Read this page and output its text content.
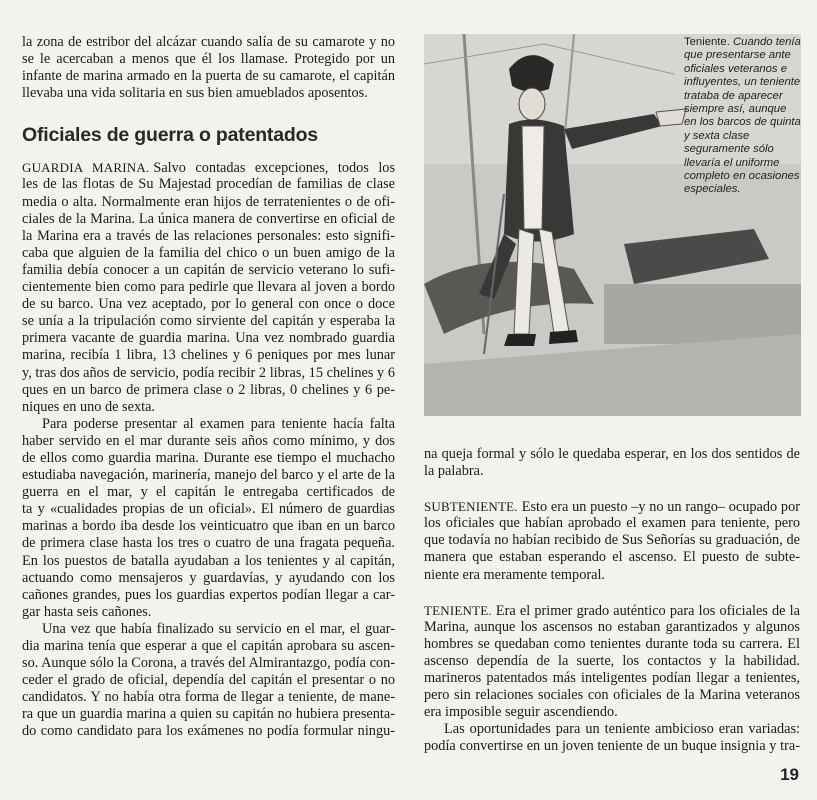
la zona de estribor del alcázar cuando salía de su camarote y no
se le acercaban a menos que él los llamase. Protegido por un
infante de marina armado en la puerta de su camarote, el capitán
llevaba una vida solitaria en sus bien amueblados aposentos.
Oficiales de guerra o patentados
GUARDIA MARINA. Salvo contadas excepciones, todos los
les de las flotas de Su Majestad procedían de familias de clase
media o alta. Normalmente eran hijos de terratenientes o de ofi-
ciales de la Marina. La única manera de convertirse en oficial de
la Marina era a través de las relaciones personales: esto signifi-
caba que alguien de la familia del chico o un buen amigo de la
familia debía conocer a un capitán de servicio veterano lo sufi-
cientemente bien como para pedirle que llevara al joven a bordo
de su barco. Una vez aceptado, por lo general con once o doce
se unía a la tripulación como sirviente del capitán y esperaba la
primera vacante de guardia marina. Una vez nombrado guardia
marina, recibía 1 libra, 13 chelines y 6 peniques por mes lunar
y, tras dos años de servicio, podía recibir 2 libras, 15 chelines y 6
ques en un barco de primera clase o 2 libras, 0 chelines y 6 pe-
niques en uno de sexta.
Para poderse presentar al examen para teniente hacía falta
haber servido en el mar durante seis años como mínimo, y dos
de ellos como guardia marina. Durante ese tiempo el muchacho
estudiaba navegación, marinería, manejo del barco y el arte de la
guerra en el mar, y el capitán le entregaba certificados de
ta y «cualidades propias de un oficial». El número de guardias
marinas a bordo iba desde los veinticuatro que iban en un barco
de primera clase hasta los tres o cuatro de una fragata pequeña.
En los puestos de batalla ayudaban a los tenientes y al capitán,
actuando como mensajeros y guardavías, y ayudando con los
cañones grandes, pues los guardias expertos podían llegar a car-
gar hasta seis cañones.
Una vez que había finalizado su servicio en el mar, el guar-
dia marina tenía que esperar a que el capitán aprobara su ascen-
so. Aunque sólo la Corona, a través del Almirantazgo, podía con-
ceder el grado de oficial, dependía del capitán el presentar o no
candidatos. Y no había otra forma de llegar a teniente, de mane-
ra que un guardia marina a quien su capitán no hubiera presenta-
do como candidato para los exámenes no podía formular ningu-
Teniente. Cuando tenía que presentarse ante oficiales veteranos e influyentes, un teniente trataba de aparecer siempre así, aunque en los barcos de quinta y sexta clase seguramente sólo llevaría el uniforme completo en ocasiones especiales.
na queja formal y sólo le quedaba esperar, en los dos sentidos de
la palabra.
SUBTENIENTE. Esto era un puesto –y no un rango– ocupado por
los oficiales que habían aprobado el examen para teniente, pero
que todavía no habían recibido de Sus Señorías su graduación, de
manera que estaban esperando el ascenso. El puesto de subte-
niente era meramente temporal.
TENIENTE. Era el primer grado auténtico para los oficiales de la
Marina, aunque los ascensos no estaban garantizados y algunos
hombres se quedaban como tenientes durante toda su carrera. El
ascenso dependía de la suerte, los contactos y la habilidad.
marineros patentados más inteligentes podían llegar a tenientes,
pero sin relaciones sociales con oficiales de la Marina veteranos
era imposible seguir ascendiendo.
Las oportunidades para un teniente ambicioso eran variadas:
podía convertirse en un joven teniente de un buque insignia y tra-
19
